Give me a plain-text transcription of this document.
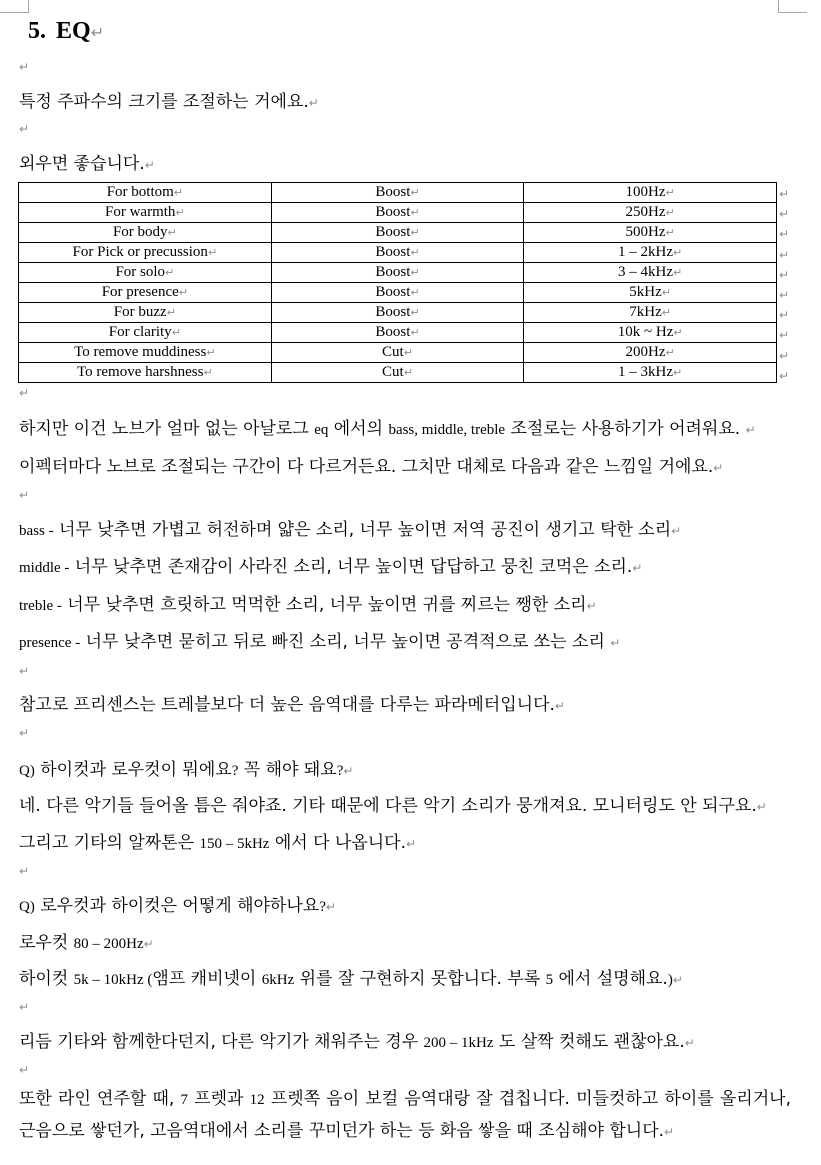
5. EQ↵
↵
특정 주파수의 크기를 조절하는 거에요.↵
↵
외우면 좋습니다.↵
For bottom↵	Boost↵	100Hz↵
For warmth↵	Boost↵	250Hz↵
For body↵	Boost↵	500Hz↵
For Pick or precussion↵	Boost↵	1 – 2kHz↵
For solo↵	Boost↵	3 – 4kHz↵
For presence↵	Boost↵	5kHz↵
For buzz↵	Boost↵	7kHz↵
For clarity↵	Boost↵	10k ~ Hz↵
To remove muddiness↵	Cut↵	200Hz↵
To remove harshness↵	Cut↵	1 – 3kHz↵
↵
↵
↵
↵
↵
↵
↵
↵
↵
↵
↵
하지만 이건 노브가 얼마 없는 아날로그 eq 에서의 bass, middle, treble 조절로는 사용하기가 어려워요. ↵
이펙터마다 노브로 조절되는 구간이 다 다르거든요. 그치만 대체로 다음과 같은 느낌일 거에요.↵
↵
bass - 너무 낮추면 가볍고 허전하며 얇은 소리, 너무 높이면 저역 공진이 생기고 탁한 소리↵
middle - 너무 낮추면 존재감이 사라진 소리, 너무 높이면 답답하고 뭉친 코먹은 소리.↵
treble - 너무 낮추면 흐릿하고 먹먹한 소리, 너무 높이면 귀를 찌르는 쨍한 소리↵
presence - 너무 낮추면 묻히고 뒤로 빠진 소리, 너무 높이면 공격적으로 쏘는 소리 ↵
↵
참고로 프리센스는 트레블보다 더 높은 음역대를 다루는 파라메터입니다.↵
↵
Q) 하이컷과 로우컷이 뭐에요? 꼭 해야 돼요?↵
네. 다른 악기들 들어올 틈은 줘야죠. 기타 때문에 다른 악기 소리가 뭉개져요. 모니터링도 안 되구요.↵
그리고 기타의 알짜톤은 150 – 5kHz 에서 다 나옵니다.↵
↵
Q) 로우컷과 하이컷은 어떻게 해야하나요?↵
로우컷 80 – 200Hz↵
하이컷 5k – 10kHz (앰프 캐비넷이 6kHz 위를 잘 구현하지 못합니다. 부록 5 에서 설명해요.)↵
↵
리듬 기타와 함께한다던지, 다른 악기가 채워주는 경우 200 – 1kHz 도 살짝 컷해도 괜찮아요.↵
↵
또한 라인 연주할 때, 7 프렛과 12 프렛쪽 음이 보컬 음역대랑 잘 겹칩니다. 미들컷하고 하이를 올리거나, 근음으로 쌓던가, 고음역대에서 소리를 꾸미던가 하는 등 화음 쌓을 때 조심해야 합니다.↵
